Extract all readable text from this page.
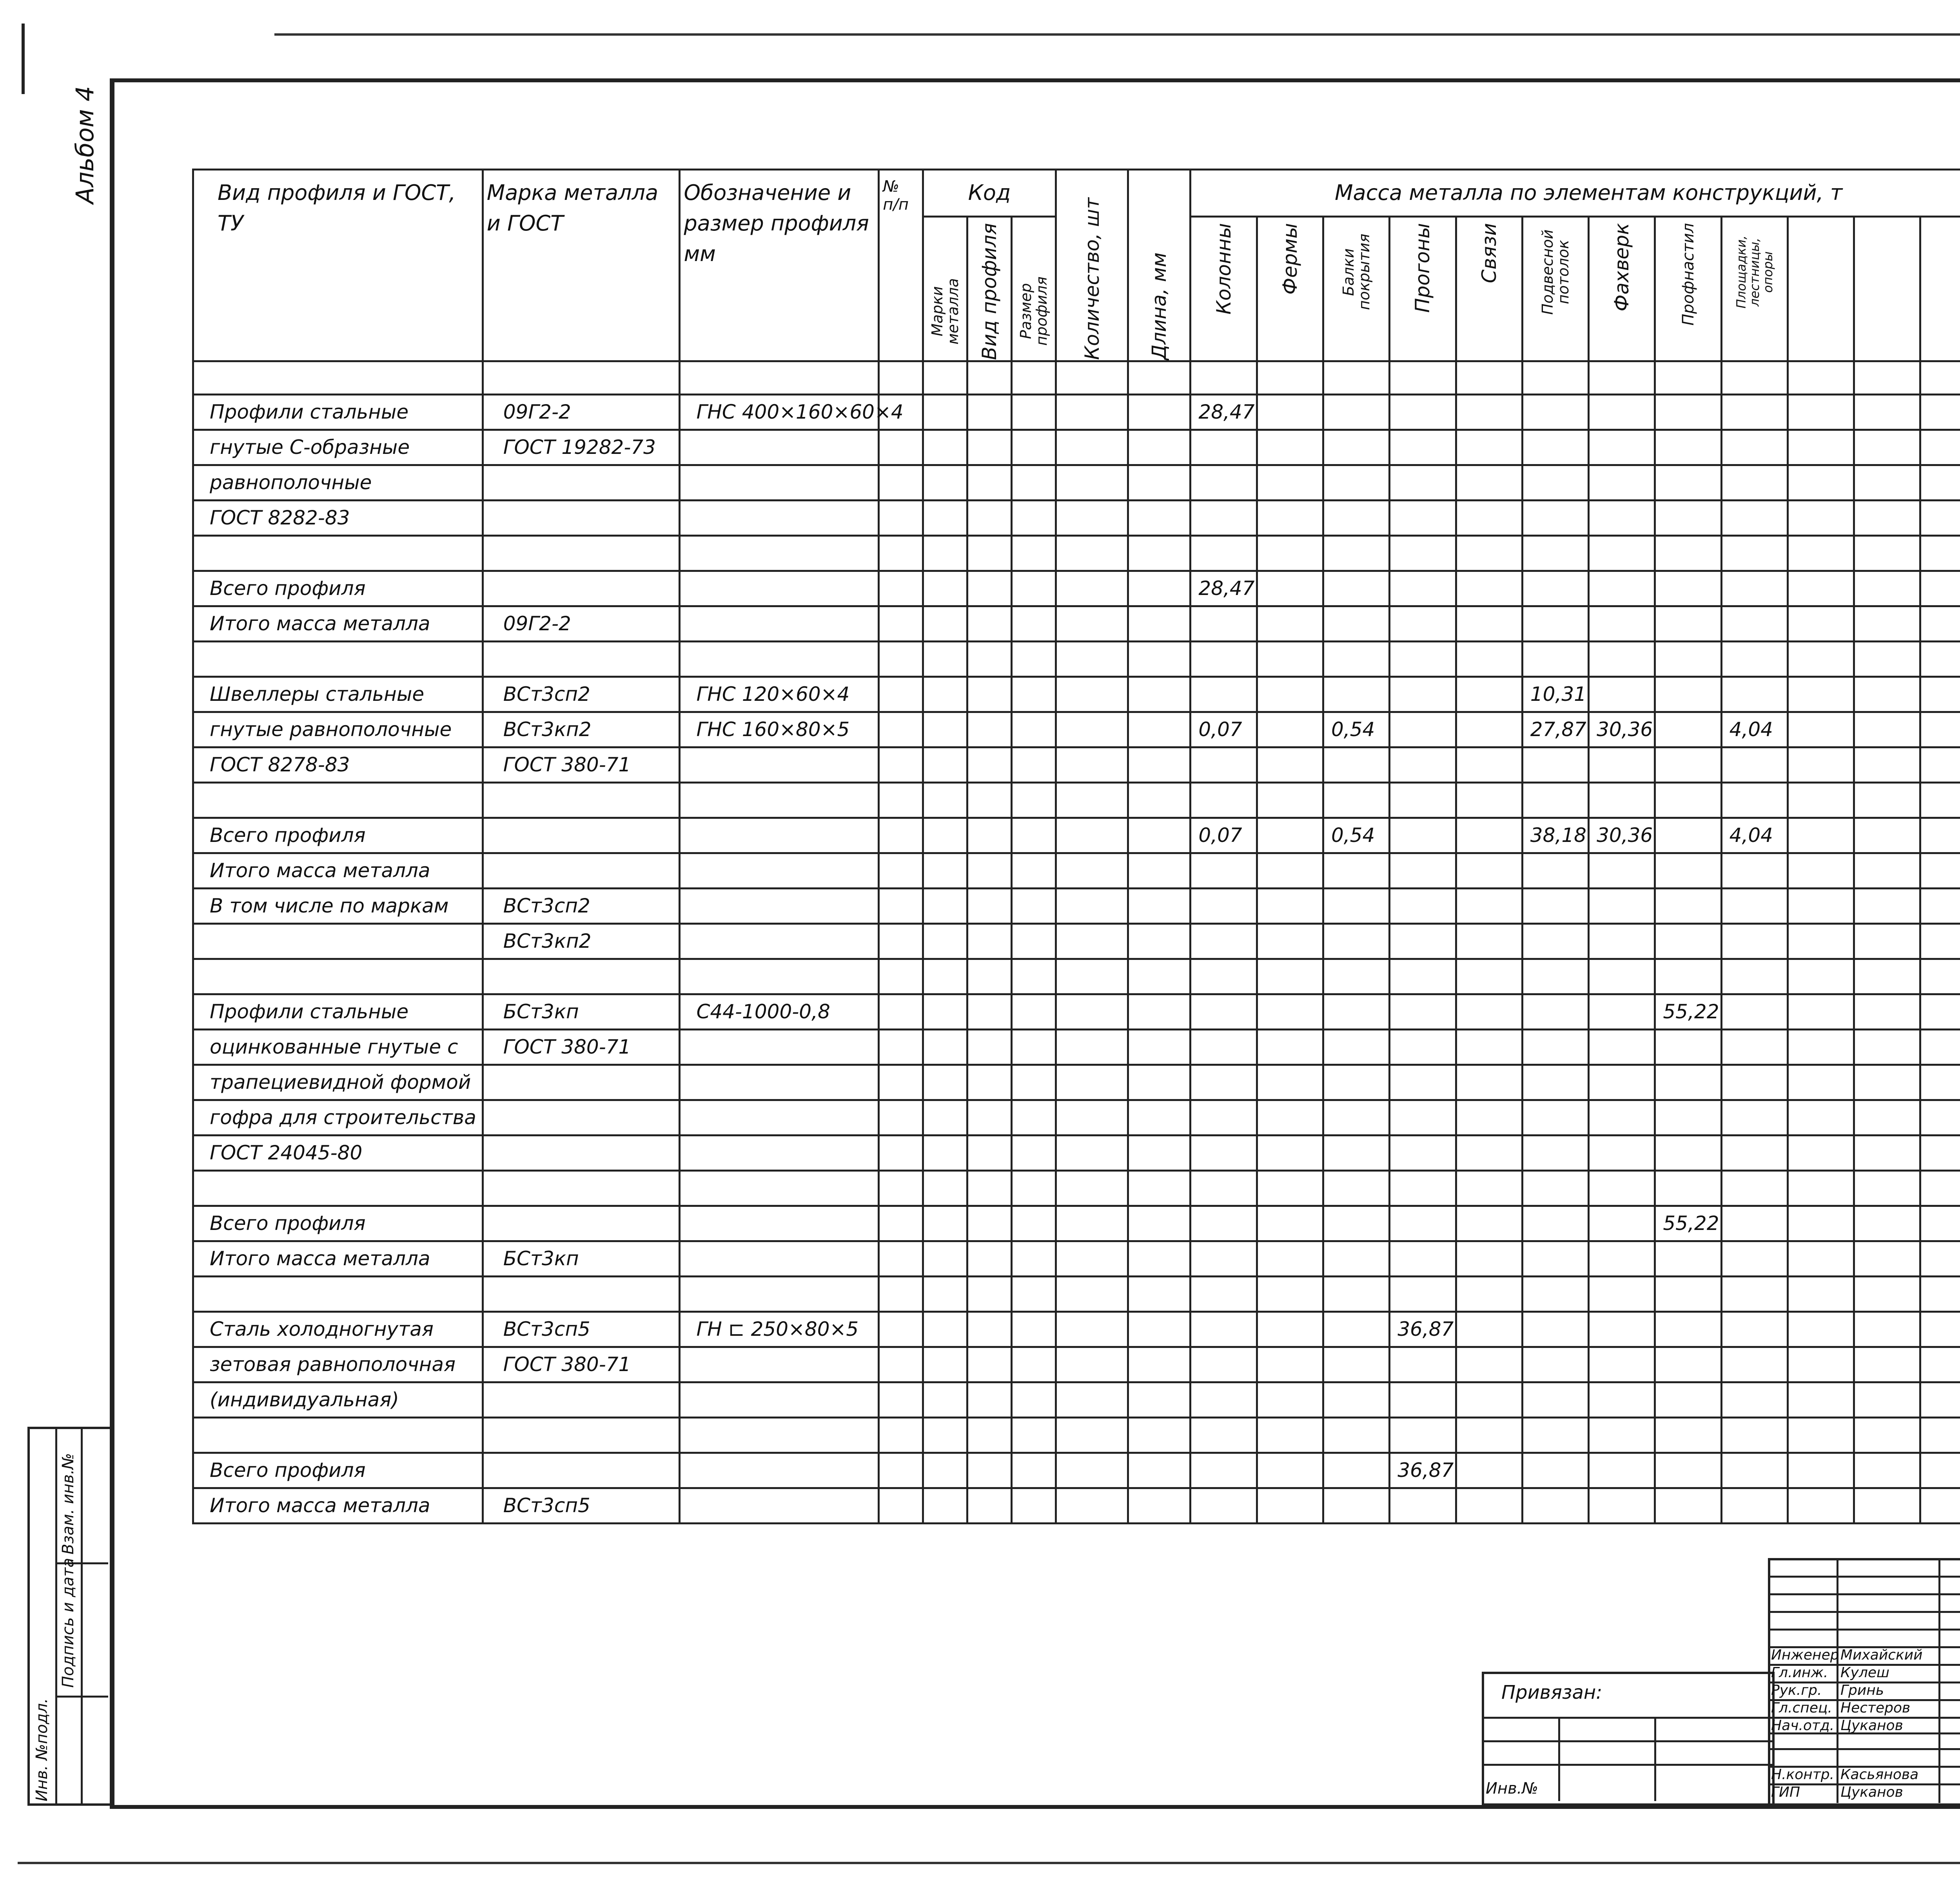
Альбом 4	Вид профиля и ГОСТ, ТУ	Марка металла и ГОСТ	Обозначение и размер профиля мм	№ п/п	Код			Количество, шт	Длина, мм	Масса металла по элементам конструкций, т			

				Марки металла	Вид профиля	Размер профиля			Колонны	Фермы	Балки покрытия	Прогоны	Связи	Подвесной потолок	Фахверк	Профнастил	Площадки, лестницы, опоры									

Профили стальные	09Г2-2	ГНС 400×160×60×4							28,47																	
гнутые С-образные	ГОСТ 19282-73																									
равнополочные																										
ГОСТ 8282-83																										

Всего профиля									28,47																	
Итого масса металла	09Г2-2																									

Швеллеры стальные	ВСт3сп2	ГНС 120×60×4												10,31												
гнутые равнополочные	ВСт3кп2	ГНС 160×80×5							0,07		0,54			27,87	30,36		4,04									
ГОСТ 8278-83	ГОСТ 380-71																									

Всего профиля									0,07		0,54			38,18	30,36		4,04									
Итого масса металла																										
В том числе по маркам	ВСт3сп2																									
	ВСт3кп2																									

Профили стальные	БСт3кп	С44-1000-0,8														55,22										
оцинкованные гнутые с	ГОСТ 380-71																									
трапециевидной формой																										
гофра для строительства																										
ГОСТ 24045-80																										

Всего профиля																55,22										
Итого масса металла	БСт3кп																									

Сталь холодногнутая	ВСт3сп5	ГН ⊏ 250×80×5										36,87														
зетовая равнополочная	ГОСТ 380-71																									
(индивидуальная)																										

Всего профиля												36,87														
Итого масса металла	ВСт3сп5																									
Инв. №подл.
Подпись и дата
Взам. инв.№
Привязан:
Инв.№
Инженер Михайский
Гл.инж. Кулеш
Рук.гр. Гринь
Гл.спец. Нестеров
Нач.отд. Цуканов
Н.контр. Касьянова
ГИП	Цуканов
